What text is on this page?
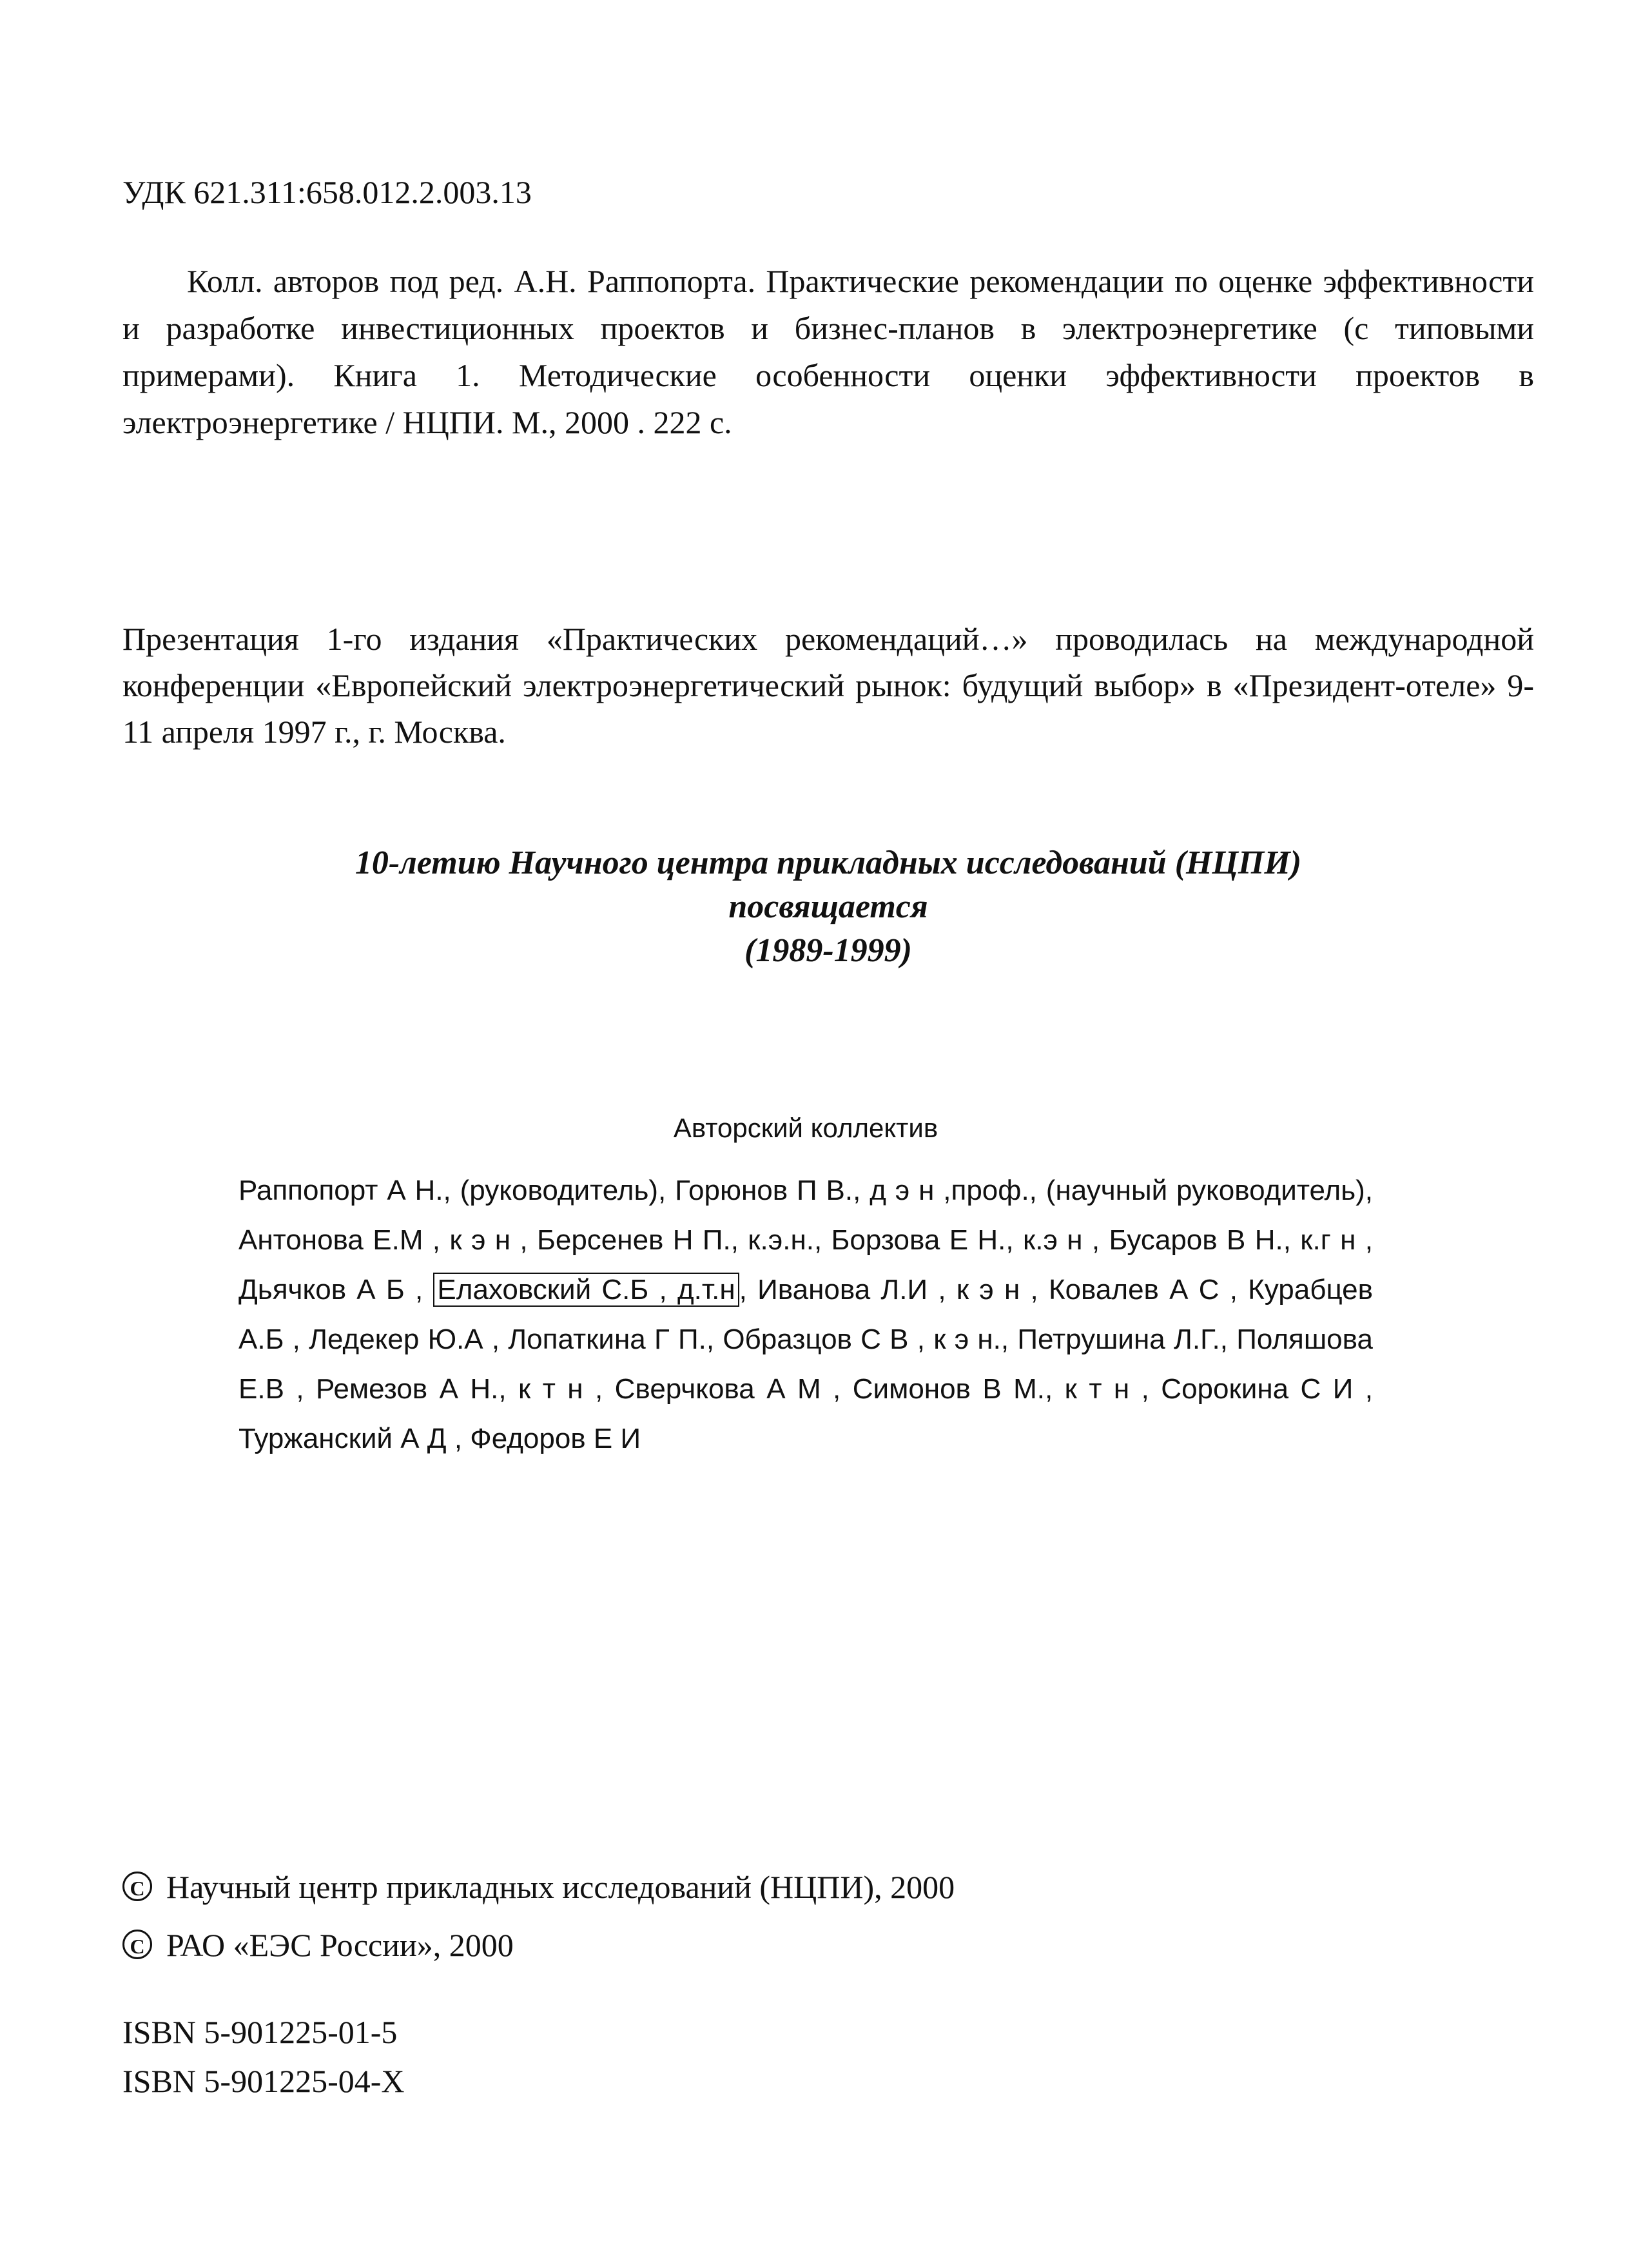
УДК 621.311:658.012.2.003.13
Колл. авторов под ред. А.Н. Раппопорта. Практические рекомендации по оценке эффективности и разработке инвестиционных проектов и бизнес-планов в электроэнергетике (с типовыми примерами). Книга 1. Методические особенности оценки эффективности проектов в электроэнергетике / НЦПИ. М., 2000 . 222 с.
Презентация 1-го издания «Практических рекомендаций…» проводилась на международной конференции «Европейский электроэнергетический рынок: будущий выбор» в «Президент-отеле» 9-11 апреля 1997 г., г. Москва.
10-летию Научного центра прикладных исследований (НЦПИ)
посвящается
(1989-1999)
Авторский коллектив
Раппопорт А Н., (руководитель), Горюнов П В., д э н ,проф., (научный руководитель), Антонова Е.М , к э н , Берсенев Н П., к.э.н., Борзова Е Н., к.э н , Бусаров В Н., к.г н , Дьячков А Б , Елаховский С.Б , д.т.н , Иванова Л.И , к э н , Ковалев А С , Курабцев А.Б , Ледекер Ю.А , Лопаткина Г П., Образцов С В , к э н., Петрушина Л.Г., Поляшова Е.В , Ремезов А Н., к т н , Сверчкова А М , Симонов В М., к т н , Сорокина С И , Туржанский А Д , Федоров Е И
C Научный центр прикладных исследований (НЦПИ), 2000
C РАО «ЕЭС России», 2000
ISBN 5-901225-01-5
ISBN 5-901225-04-X
